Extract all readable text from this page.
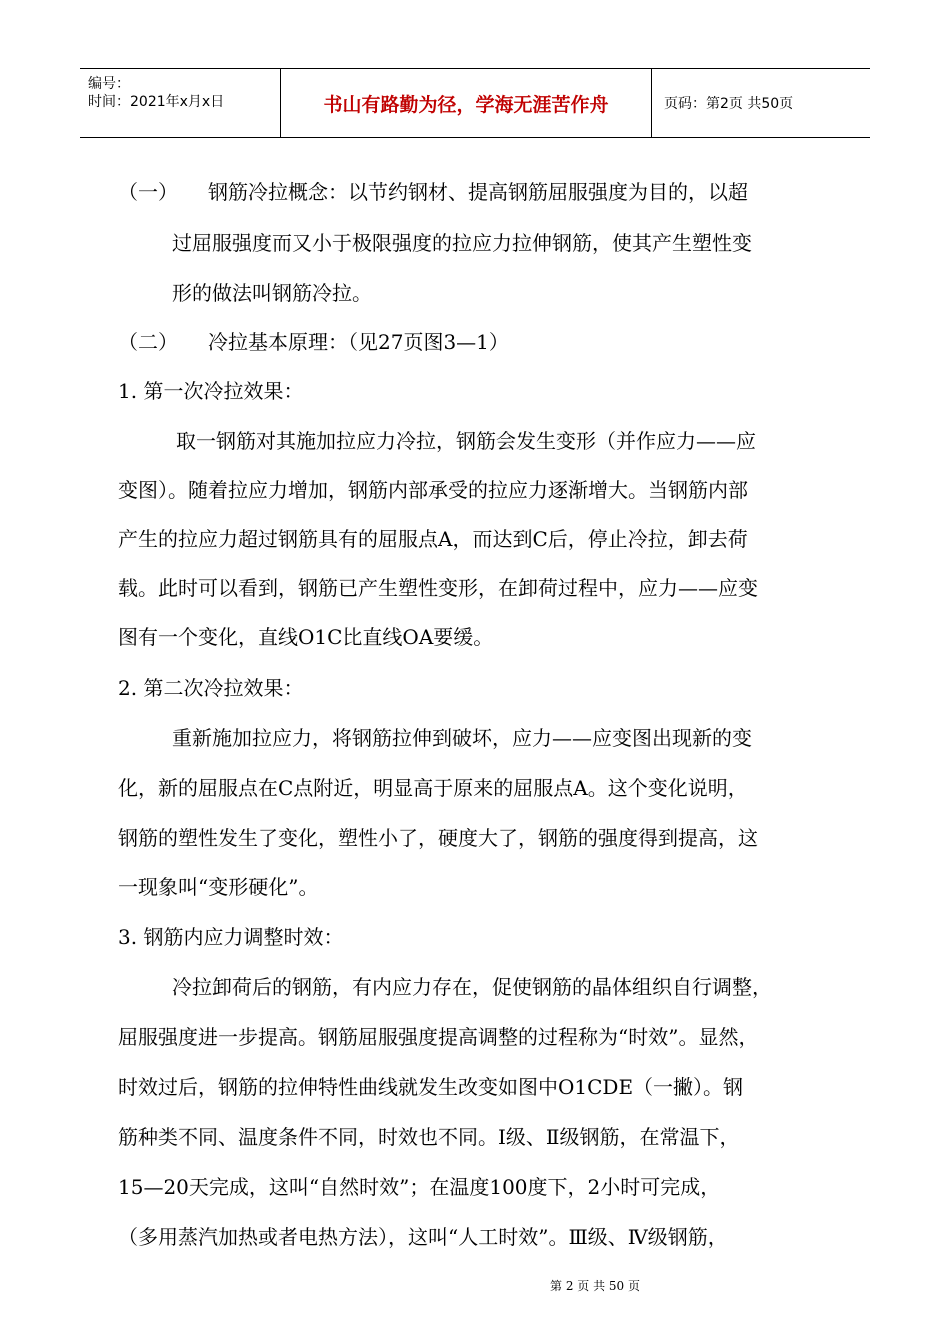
编号：
时间：2021年x月x日	书山有路勤为径，学海无涯苦作舟	页码：第2页 共50页
（一）　　钢筋冷拉概念：以节约钢材、提高钢筋屈服强度为目的，以超
过屈服强度而又小于极限强度的拉应力拉伸钢筋，使其产生塑性变
形的做法叫钢筋冷拉。
（二）　　冷拉基本原理：（见27页图3—1）
1. 第一次冷拉效果：
取一钢筋对其施加拉应力冷拉，钢筋会发生变形（并作应力——应
变图）。随着拉应力增加，钢筋内部承受的拉应力逐渐增大。当钢筋内部
产生的拉应力超过钢筋具有的屈服点A，而达到C后，停止冷拉，卸去荷
载。此时可以看到，钢筋已产生塑性变形，在卸荷过程中，应力——应变
图有一个变化，直线O1C比直线OA要缓。
2. 第二次冷拉效果：
重新施加拉应力，将钢筋拉伸到破坏，应力——应变图出现新的变
化，新的屈服点在C点附近，明显高于原来的屈服点A。这个变化说明，
钢筋的塑性发生了变化，塑性小了，硬度大了，钢筋的强度得到提高，这
一现象叫“变形硬化”。
3. 钢筋内应力调整时效：
冷拉卸荷后的钢筋，有内应力存在，促使钢筋的晶体组织自行调整，
屈服强度进一步提高。钢筋屈服强度提高调整的过程称为“时效”。显然，
时效过后，钢筋的拉伸特性曲线就发生改变如图中O1CDE（一撇）。钢
筋种类不同、温度条件不同，时效也不同。Ⅰ级、Ⅱ级钢筋，在常温下，
15—20天完成，这叫“自然时效”；在温度100度下，2小时可完成，
（多用蒸汽加热或者电热方法），这叫“人工时效”。Ⅲ级、Ⅳ级钢筋，
第 2 页 共 50 页
